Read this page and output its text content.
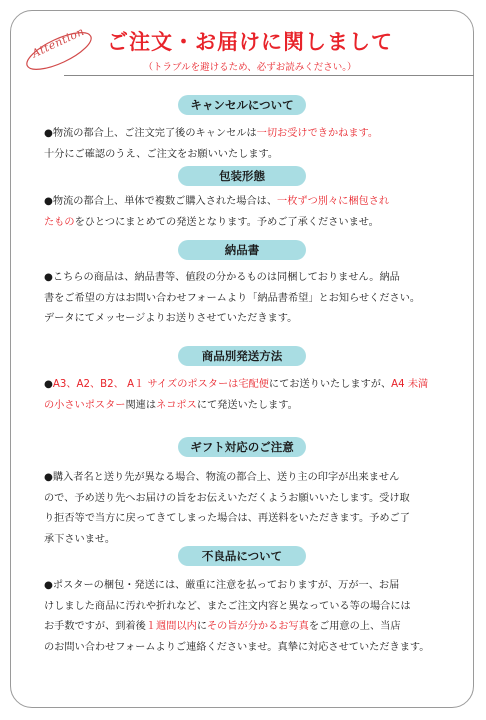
Attention ご注文・お届けに関しまして
（トラブルを避けるため、必ずお読みください。）
キャンセルについて
●物流の都合上、ご注文完了後のキャンセルは一切お受けできかねます。
十分にご確認のうえ、ご注文をお願いいたします。
包装形態
●物流の都合上、単体で複数ご購入された場合は、一枚ずつ別々に梱包され
たものをひとつにまとめての発送となります。予めご了承くださいませ。
納品書
●こちらの商品は、納品書等、値段の分かるものは同梱しておりません。納品
書をご希望の方はお問い合わせフォームより「納品書希望」とお知らせください。
データにてメッセージよりお送りさせていただきます。
商品別発送方法
●A3、A2、B2、 A１ サイズのポスターは宅配便にてお送りいたしますが、A4 未満
の小さいポスター関連はネコポスにて発送いたします。
ギフト対応のご注意
●購入者名と送り先が異なる場合、物流の都合上、送り主の印字が出来ません
ので、予め送り先へお届けの旨をお伝えいただくようお願いいたします。受け取
り拒否等で当方に戻ってきてしまった場合は、再送料をいただきます。予めご了
承下さいませ。
不良品について
●ポスターの梱包・発送には、厳重に注意を払っておりますが、万が一、お届
けしました商品に汚れや折れなど、またご注文内容と異なっている等の場合には
お手数ですが、到着後１週間以内にその旨が分かるお写真をご用意の上、当店
のお問い合わせフォームよりご連絡くださいませ。真摯に対応させていただきます。
